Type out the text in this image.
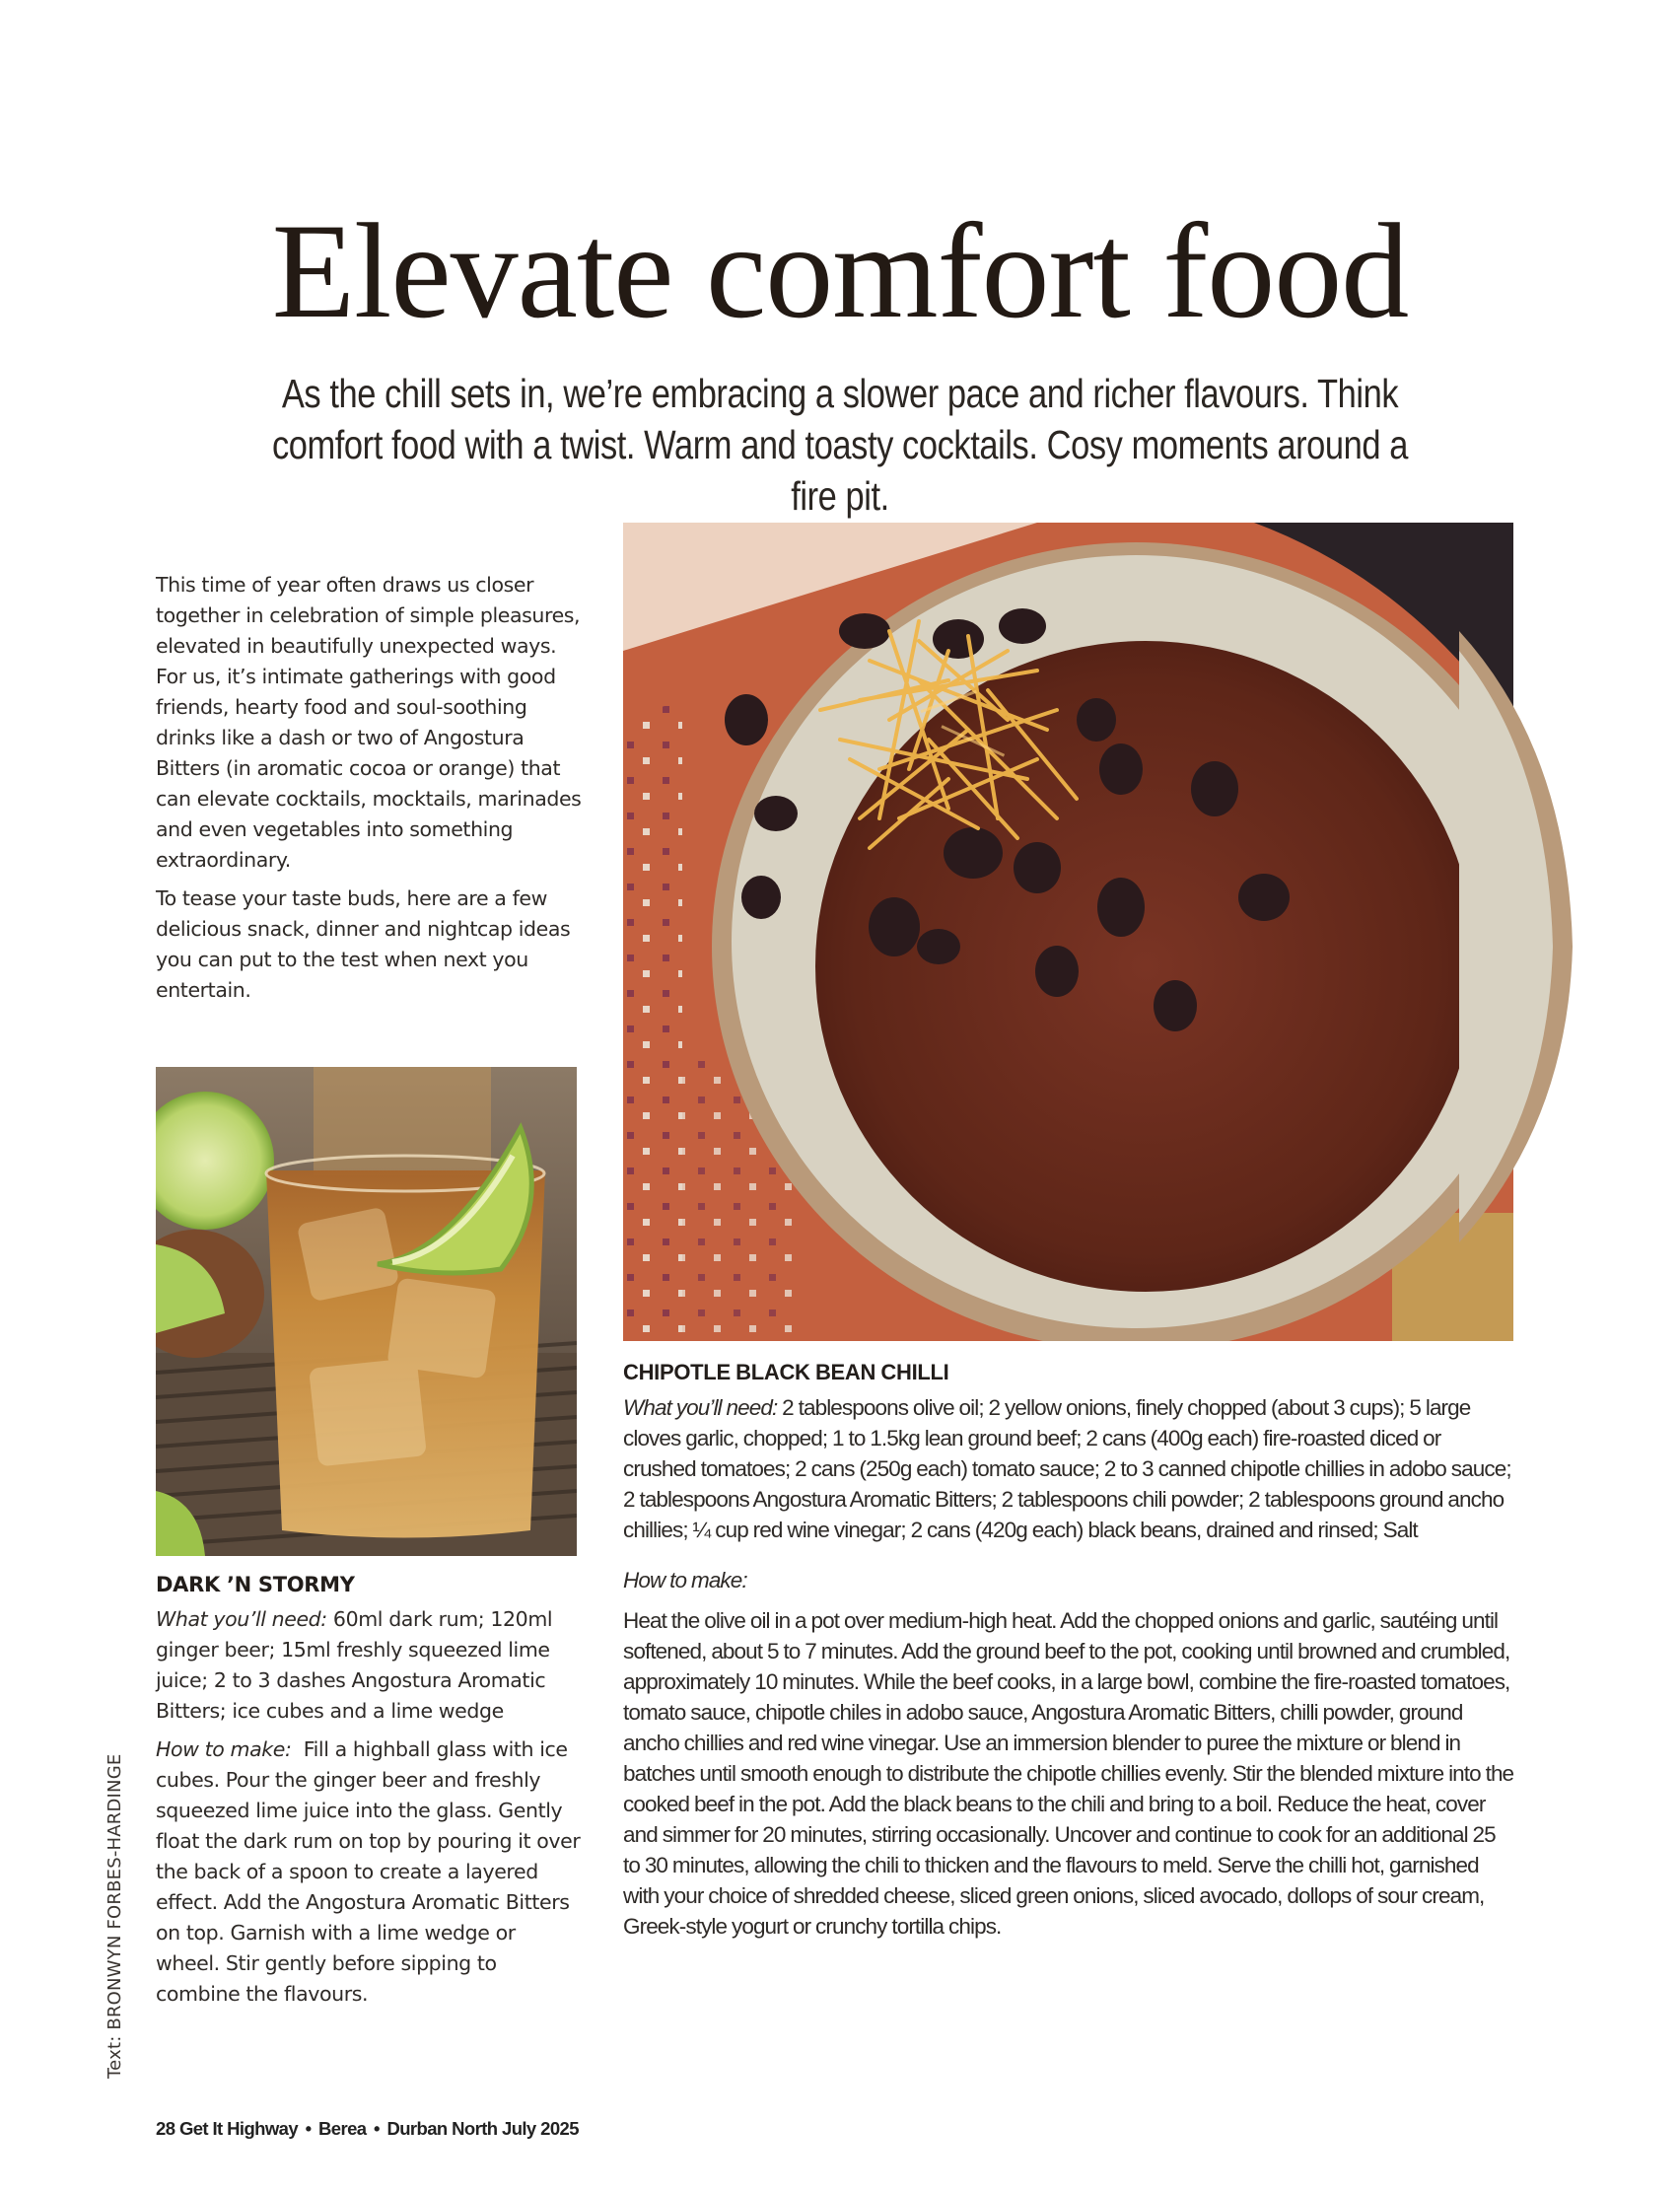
Elevate comfort food

As the chill sets in, we’re embracing a slower pace and richer flavours. Think comfort food with a twist. Warm and toasty cocktails. Cosy moments around a fire pit.

This time of year often draws us closer together in celebration of simple pleasures, elevated in beautifully unexpected ways. For us, it’s intimate gatherings with good friends, hearty food and soul-soothing drinks like a dash or two of Angostura Bitters (in aromatic cocoa or orange) that can elevate cocktails, mocktails, marinades and even vegetables into something extraordinary.

To tease your taste buds, here are a few delicious snack, dinner and nightcap ideas you can put to the test when next you entertain.

DARK ’N STORMY

What you’ll need: 60ml dark rum; 120ml ginger beer; 15ml freshly squeezed lime juice; 2 to 3 dashes Angostura Aromatic Bitters; ice cubes and a lime wedge

How to make:  Fill a highball glass with ice cubes. Pour the ginger beer and freshly squeezed lime juice into the glass. Gently float the dark rum on top by pouring it over the back of a spoon to create a layered effect. Add the Angostura Aromatic Bitters on top. Garnish with a lime wedge or wheel. Stir gently before sipping to combine the flavours.

CHIPOTLE BLACK BEAN CHILLI

What you’ll need: 2 tablespoons olive oil; 2 yellow onions, finely chopped (about 3 cups); 5 large cloves garlic, chopped; 1 to 1.5kg lean ground beef; 2 cans (400g each) fire-roasted diced or crushed tomatoes; 2 cans (250g each) tomato sauce; 2 to 3 canned chipotle chillies in adobo sauce; 2 tablespoons Angostura Aromatic Bitters; 2 tablespoons chili powder; 2 tablespoons ground ancho chillies; ¼ cup red wine vinegar; 2 cans (420g each) black beans, drained and rinsed; Salt

How to make:

Heat the olive oil in a pot over medium-high heat. Add the chopped onions and garlic, sautéing until softened, about 5 to 7 minutes. Add the ground beef to the pot, cooking until browned and crumbled, approximately 10 minutes. While the beef cooks, in a large bowl, combine the fire-roasted tomatoes, tomato sauce, chipotle chiles in adobo sauce, Angostura Aromatic Bitters, chilli powder, ground ancho chillies and red wine vinegar. Use an immersion blender to puree the mixture or blend in batches until smooth enough to distribute the chipotle chillies evenly. Stir the blended mixture into the cooked beef in the pot. Add the black beans to the chili and bring to a boil. Reduce the heat, cover and simmer for 20 minutes, stirring occasionally. Uncover and continue to cook for an additional 25 to 30 minutes, allowing the chili to thicken and the flavours to meld. Serve the chilli hot, garnished with your choice of shredded cheese, sliced green onions, sliced avocado, dollops of sour cream, Greek-style yogurt or crunchy tortilla chips.

Text: BRONWYN FORBES-HARDINGE
28 Get It Highway • Berea • Durban North July 2025
